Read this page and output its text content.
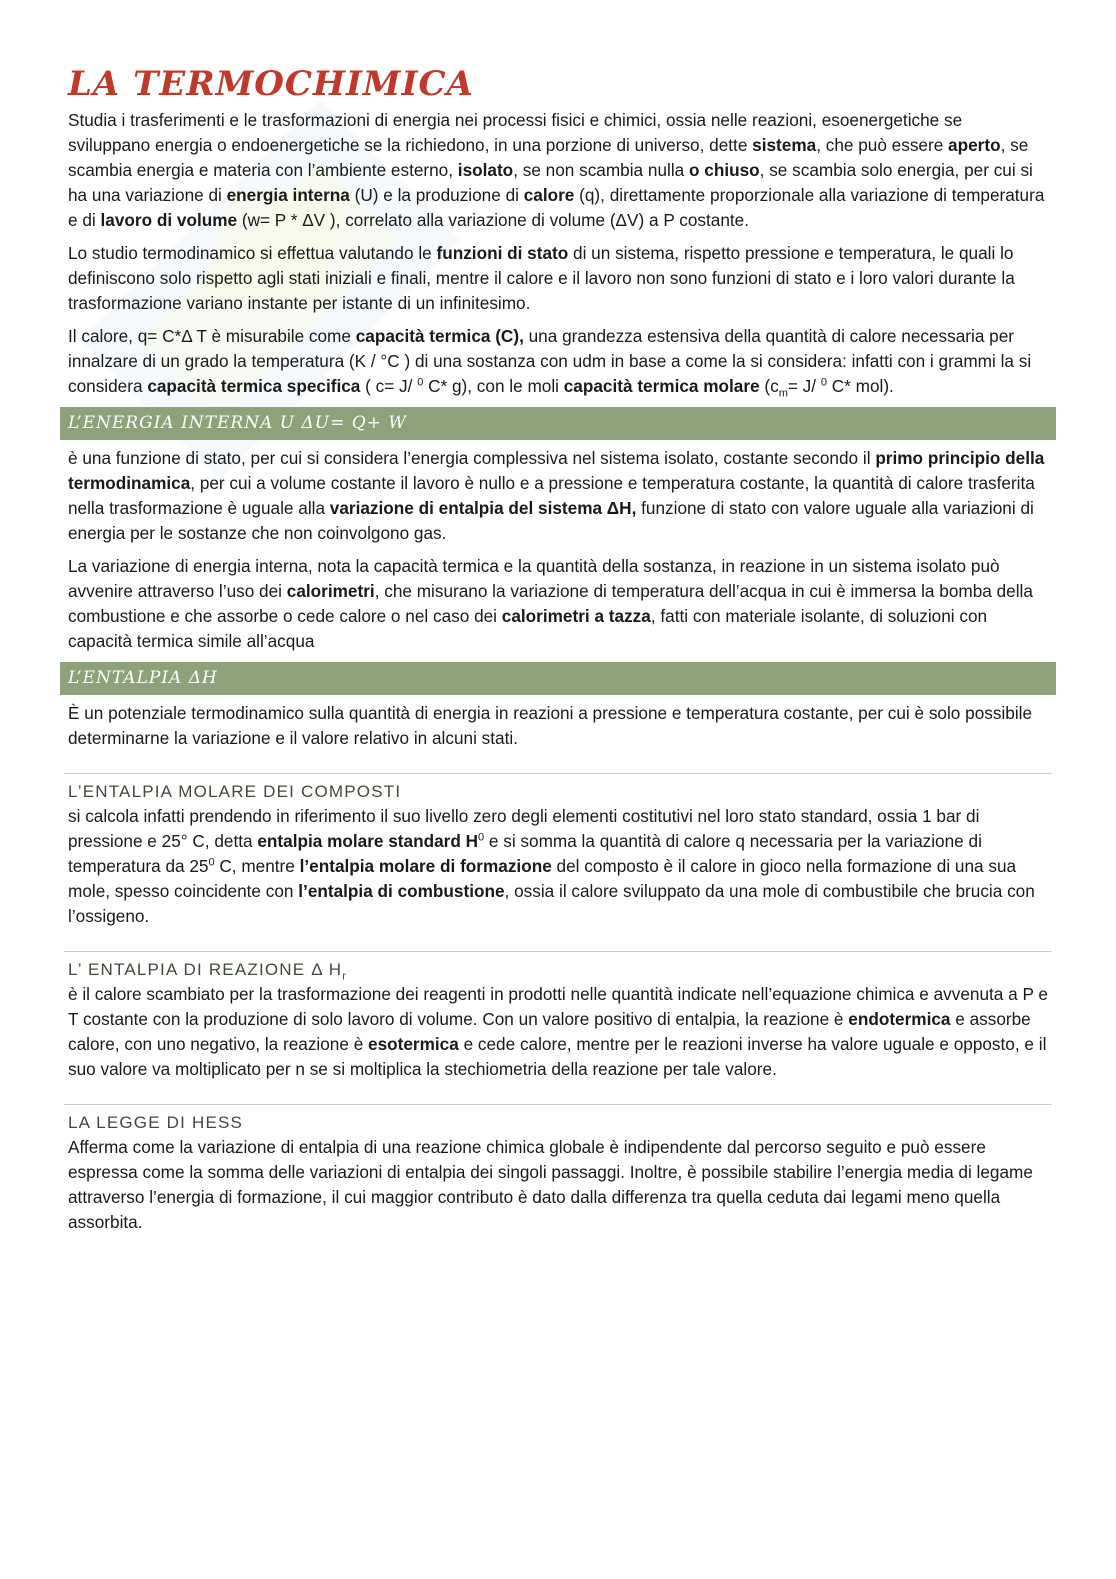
LA TERMOCHIMICA

Studia i trasferimenti e le trasformazioni di energia nei processi fisici e chimici, ossia nelle reazioni, esoenergetiche se sviluppano energia o endoenergetiche se la richiedono, in una porzione di universo, dette sistema, che può essere aperto, se scambia energia e materia con l’ambiente esterno, isolato, se non scambia nulla o chiuso, se scambia solo energia, per cui si ha una variazione di energia interna (U) e la produzione di calore (q), direttamente proporzionale alla variazione di temperatura e di lavoro di volume (w= P * ΔV ), correlato alla variazione di volume (ΔV) a P costante.

Lo studio termodinamico si effettua valutando le funzioni di stato di un sistema, rispetto pressione e temperatura, le quali lo definiscono solo rispetto agli stati iniziali e finali, mentre il calore e il lavoro non sono funzioni di stato e i loro valori durante la trasformazione variano instante per istante di un infinitesimo.

Il calore, q= C*Δ T è misurabile come capacità termica (C), una grandezza estensiva della quantità di calore necessaria per innalzare di un grado la temperatura (K / °C ) di una sostanza con udm in base a come la si considera: infatti con i grammi la si considera capacità termica specifica ( c= J/ $^0$ C* g), con le moli capacità termica molare ($c_m= J/$ $^0$ C* mol).

L’ENERGIA INTERNA U ΔU= Q+ W

è una funzione di stato, per cui si considera l’energia complessiva nel sistema isolato, costante secondo il primo principio della termodinamica, per cui a volume costante il lavoro è nullo e a pressione e temperatura costante, la quantità di calore trasferita nella trasformazione è uguale alla variazione di entalpia del sistema ΔH, funzione di stato con valore uguale alla variazioni di energia per le sostanze che non coinvolgono gas.

La variazione di energia interna, nota la capacità termica e la quantità della sostanza, in reazione in un sistema isolato può avvenire attraverso l’uso dei calorimetri, che misurano la variazione di temperatura dell’acqua in cui è immersa la bomba della combustione e che assorbe o cede calore o nel caso dei calorimetri a tazza, fatti con materiale isolante, di soluzioni con capacità termica simile all’acqua

L’ENTALPIA ΔH

È un potenziale termodinamico sulla quantità di energia in reazioni a pressione e temperatura costante, per cui è solo possibile determinarne la variazione e il valore relativo in alcuni stati.

L’ENTALPIA MOLARE DEI COMPOSTI

si calcola infatti prendendo in riferimento il suo livello zero degli elementi costitutivi nel loro stato standard, ossia 1 bar di pressione e 25° C, detta entalpia molare standard $H^0$ e si somma la quantità di calore q necessaria per la variazione di temperatura da $25^0$ C, mentre l’entalpia molare di formazione del composto è il calore in gioco nella formazione di una sua mole, spesso coincidente con l’entalpia di combustione, ossia il calore sviluppato da una mole di combustibile che brucia con l’ossigeno.

L’ ENTALPIA DI REAZIONE Δ $H_r$

è il calore scambiato per la trasformazione dei reagenti in prodotti nelle quantità indicate nell’equazione chimica e avvenuta a P e T costante con la produzione di solo lavoro di volume. Con un valore positivo di entalpia, la reazione è endotermica e assorbe calore, con uno negativo, la reazione è esotermica e cede calore, mentre per le reazioni inverse ha valore uguale e opposto, e il suo valore va moltiplicato per n se si moltiplica la stechiometria della reazione per tale valore.

LA LEGGE DI HESS

Afferma come la variazione di entalpia di una reazione chimica globale è indipendente dal percorso seguito e può essere espressa come la somma delle variazioni di entalpia dei singoli passaggi. Inoltre, è possibile stabilire l’energia media di legame attraverso l’energia di formazione, il cui maggior contributo è dato dalla differenza tra quella ceduta dai legami meno quella assorbita.
